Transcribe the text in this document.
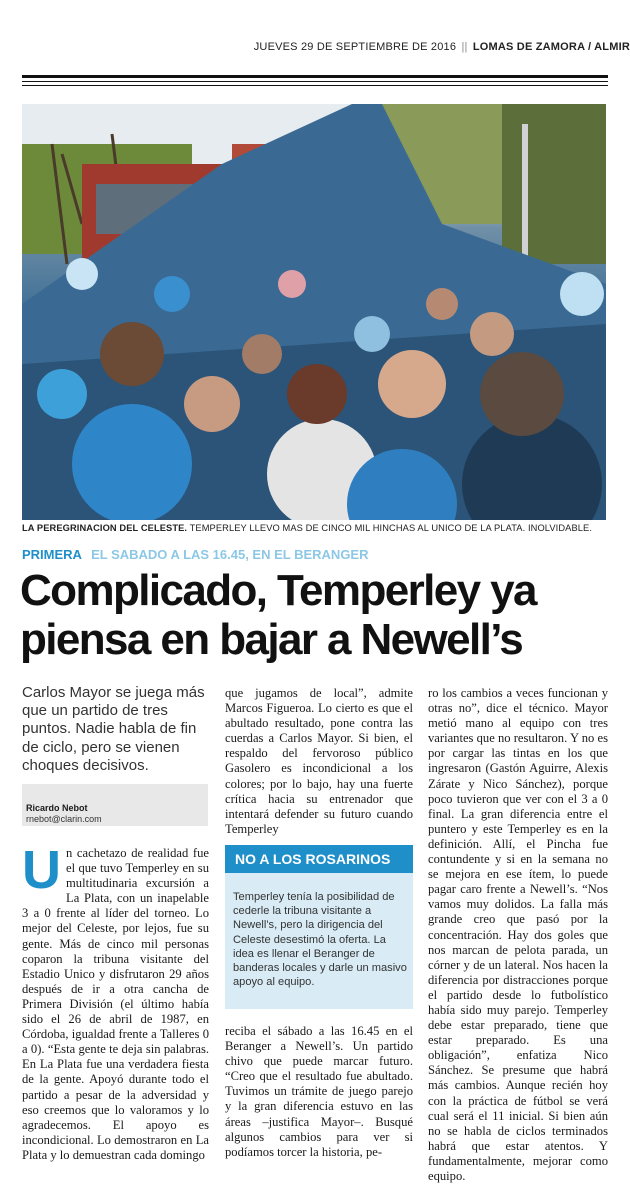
JUEVES 29 DE SEPTIEMBRE DE 2016 || LOMAS DE ZAMORA / ALMIR
LA PEREGRINACION DEL CELESTE. TEMPERLEY LLEVO MAS DE CINCO MIL HINCHAS AL UNICO DE LA PLATA. INOLVIDABLE.
PRIMERA EL SABADO A LAS 16.45, EN EL BERANGER
Complicado, Temperley ya
piensa en bajar a Newell’s
Carlos Mayor se juega más que un partido de tres puntos. Nadie habla de fin de ciclo, pero se vienen choques decisivos.
Ricardo Nebot
rnebot@clarin.com
U n cachetazo de realidad fue el que tuvo Temperley en su multitudinaria excursión a La Plata, con un inapelable 3 a 0 frente al líder del torneo. Lo mejor del Celeste, por lejos, fue su gente. Más de cinco mil personas coparon la tribuna visitante del Estadio Unico y disfrutaron 29 años después de ir a otra cancha de Primera División (el último había sido el 26 de abril de 1987, en Córdoba, igualdad frente a Talleres 0 a 0). “Esta gente te deja sin palabras. En La Plata fue una verdadera fiesta de la gente. Apoyó durante todo el partido a pesar de la adversidad y eso creemos que lo valoramos y lo agradecemos. El apoyo es incondicional. Lo demostraron en La Plata y lo demuestran cada domingo

que jugamos de local”, admite Marcos Figueroa. Lo cierto es que el abultado resultado, pone contra las cuerdas a Carlos Mayor. Si bien, el respaldo del fervoroso público Gasolero es incondicional a los colores; por lo bajo, hay una fuerte crítica hacia su entrenador que intentará defender su futuro cuando Temperley

NO A LOS ROSARINOS
Temperley tenía la posibilidad de cederle la tribuna visitante a Newell’s, pero la dirigencia del Celeste desestimó la oferta. La idea es llenar el Beranger de banderas locales y darle un masivo apoyo al equipo.

reciba el sábado a las 16.45 en el Beranger a Newell’s. Un partido chivo que puede marcar futuro. “Creo que el resultado fue abultado. Tuvimos un trámite de juego parejo y la gran diferencia estuvo en las áreas –justifica Mayor–. Busqué algunos cambios para ver si podíamos torcer la historia, pe-

ro los cambios a veces funcionan y otras no”, dice el técnico. Mayor metió mano al equipo con tres variantes que no resultaron. Y no es por cargar las tintas en los que ingresaron (Gastón Aguirre, Alexis Zárate y Nico Sánchez), porque poco tuvieron que ver con el 3 a 0 final. La gran diferencia entre el puntero y este Temperley es en la definición. Allí, el Pincha fue contundente y si en la semana no se mejora en ese ítem, lo puede pagar caro frente a Newell’s. “Nos vamos muy dolidos. La falla más grande creo que pasó por la concentración. Hay dos goles que nos marcan de pelota parada, un córner y de un lateral. Nos hacen la diferencia por distracciones porque el partido desde lo futbolístico había sido muy parejo. Temperley debe estar preparado, tiene que estar preparado. Es una obligación”, enfatiza Nico Sánchez. Se presume que habrá más cambios. Aunque recién hoy con la práctica de fútbol se verá cual será el 11 inicial. Si bien aún no se habla de ciclos terminados habrá que estar atentos. Y fundamentalmente, mejorar como equipo.
